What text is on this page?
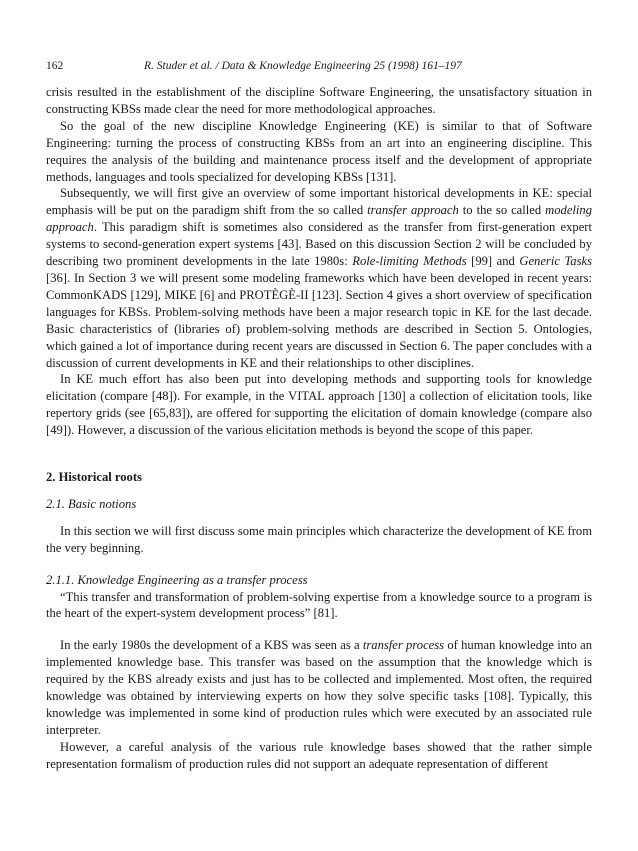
162	R. Studer et al. / Data & Knowledge Engineering 25 (1998) 161–197

crisis resulted in the establishment of the discipline Software Engineering, the unsatisfactory situation in constructing KBSs made clear the need for more methodological approaches.

So the goal of the new discipline Knowledge Engineering (KE) is similar to that of Software Engineering: turning the process of constructing KBSs from an art into an engineering discipline. This requires the analysis of the building and maintenance process itself and the development of appropriate methods, languages and tools specialized for developing KBSs [131].

Subsequently, we will first give an overview of some important historical developments in KE: special emphasis will be put on the paradigm shift from the so called transfer approach to the so called modeling approach. This paradigm shift is sometimes also considered as the transfer from first-generation expert systems to second-generation expert systems [43]. Based on this discussion Section 2 will be concluded by describing two prominent developments in the late 1980s: Role-limiting Methods [99] and Generic Tasks [36]. In Section 3 we will present some modeling frameworks which have been developed in recent years: CommonKADS [129], MIKE [6] and PROTÈGÈ-II [123]. Section 4 gives a short overview of specification languages for KBSs. Problem-solving methods have been a major research topic in KE for the last decade. Basic characteristics of (libraries of) problem-solving methods are described in Section 5. Ontologies, which gained a lot of importance during recent years are discussed in Section 6. The paper concludes with a discussion of current developments in KE and their relationships to other disciplines.

In KE much effort has also been put into developing methods and supporting tools for knowledge elicitation (compare [48]). For example, in the VITAL approach [130] a collection of elicitation tools, like repertory grids (see [65,83]), are offered for supporting the elicitation of domain knowledge (compare also [49]). However, a discussion of the various elicitation methods is beyond the scope of this paper.

2. Historical roots

2.1. Basic notions

In this section we will first discuss some main principles which characterize the development of KE from the very beginning.

2.1.1. Knowledge Engineering as a transfer process

“This transfer and transformation of problem-solving expertise from a knowledge source to a program is the heart of the expert-system development process” [81].

In the early 1980s the development of a KBS was seen as a transfer process of human knowledge into an implemented knowledge base. This transfer was based on the assumption that the knowledge which is required by the KBS already exists and just has to be collected and implemented. Most often, the required knowledge was obtained by interviewing experts on how they solve specific tasks [108]. Typically, this knowledge was implemented in some kind of production rules which were executed by an associated rule interpreter.

However, a careful analysis of the various rule knowledge bases showed that the rather simple representation formalism of production rules did not support an adequate representation of different
